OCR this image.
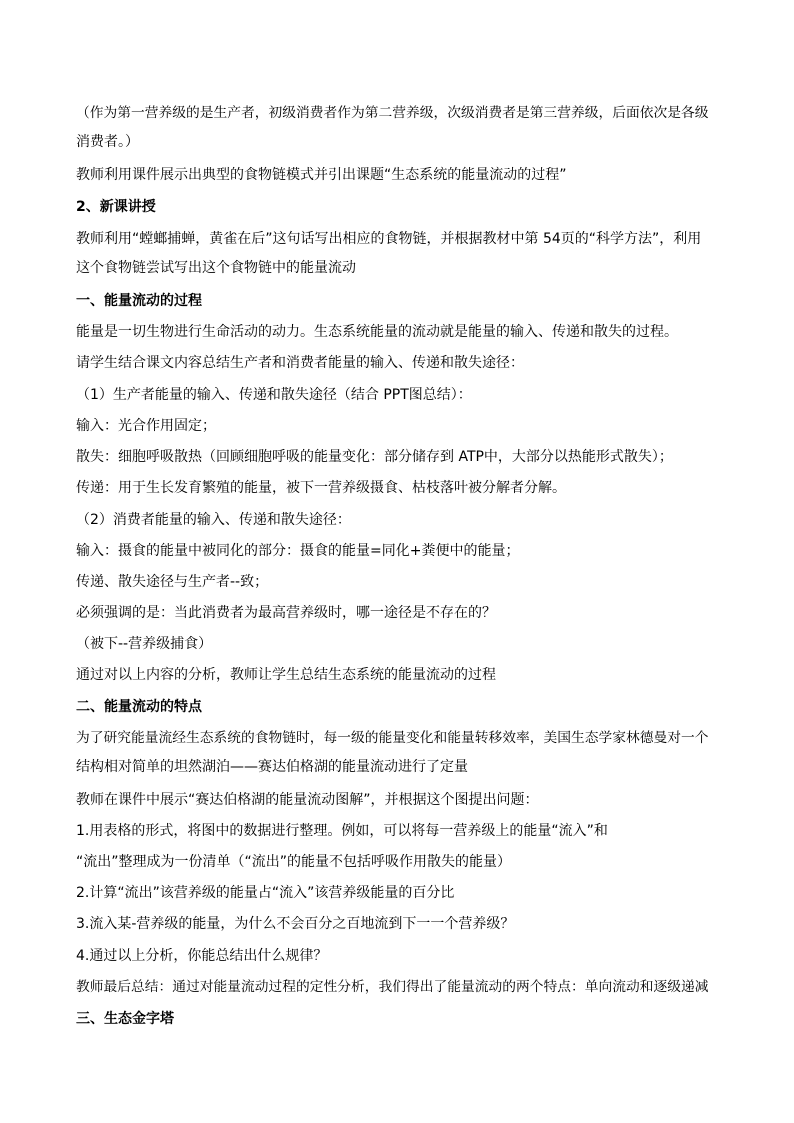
（作为第一营养级的是生产者，初级消费者作为第二营养级，次级消费者是第三营养级，后面依次是各级
消费者。）
教师利用课件展示出典型的食物链模式并引出课题“生态系统的能量流动的过程”
2、新课讲授
教师利用“螳螂捕蝉，黄雀在后”这句话写出相应的食物链，并根据教材中第 54页的“科学方法”，利用
这个食物链尝试写出这个食物链中的能量流动
一、能量流动的过程
能量是一切生物进行生命活动的动力。生态系统能量的流动就是能量的输入、传递和散失的过程。
请学生结合课文内容总结生产者和消费者能量的输入、传递和散失途径：
（1）生产者能量的输入、传递和散失途径（结合 PPT图总结）：
输入：光合作用固定；
散失：细胞呼吸散热（回顾细胞呼吸的能量变化：部分储存到 ATP中，大部分以热能形式散失）；
传递：用于生长发育繁殖的能量，被下一营养级摄食、枯枝落叶被分解者分解。
（2）消费者能量的输入、传递和散失途径：
输入：摄食的能量中被同化的部分：摄食的能量=同化+粪便中的能量；
传递、散失途径与生产者--致；
必须强调的是：当此消费者为最高营养级时，哪一途径是不存在的？
（被下--营养级捕食）
通过对以上内容的分析，教师让学生总结生态系统的能量流动的过程
二、能量流动的特点
为了研究能量流经生态系统的食物链时，每一级的能量变化和能量转移效率，美国生态学家林德曼对一个
结构相对简单的坦然湖泊——赛达伯格湖的能量流动进行了定量
教师在课件中展示“赛达伯格湖的能量流动图解”，并根据这个图提出问题：
1.用表格的形式，将图中的数据进行整理。例如，可以将每一营养级上的能量“流入”和
“流出”整理成为一份清单（“流出”的能量不包括呼吸作用散失的能量）
2.计算“流出”该营养级的能量占“流入”该营养级能量的百分比
3.流入某-营养级的能量，为什么不会百分之百地流到下一一个营养级？
4.通过以上分析，你能总结出什么规律？
教师最后总结：通过对能量流动过程的定性分析，我们得出了能量流动的两个特点：单向流动和逐级递减
三、生态金字塔
